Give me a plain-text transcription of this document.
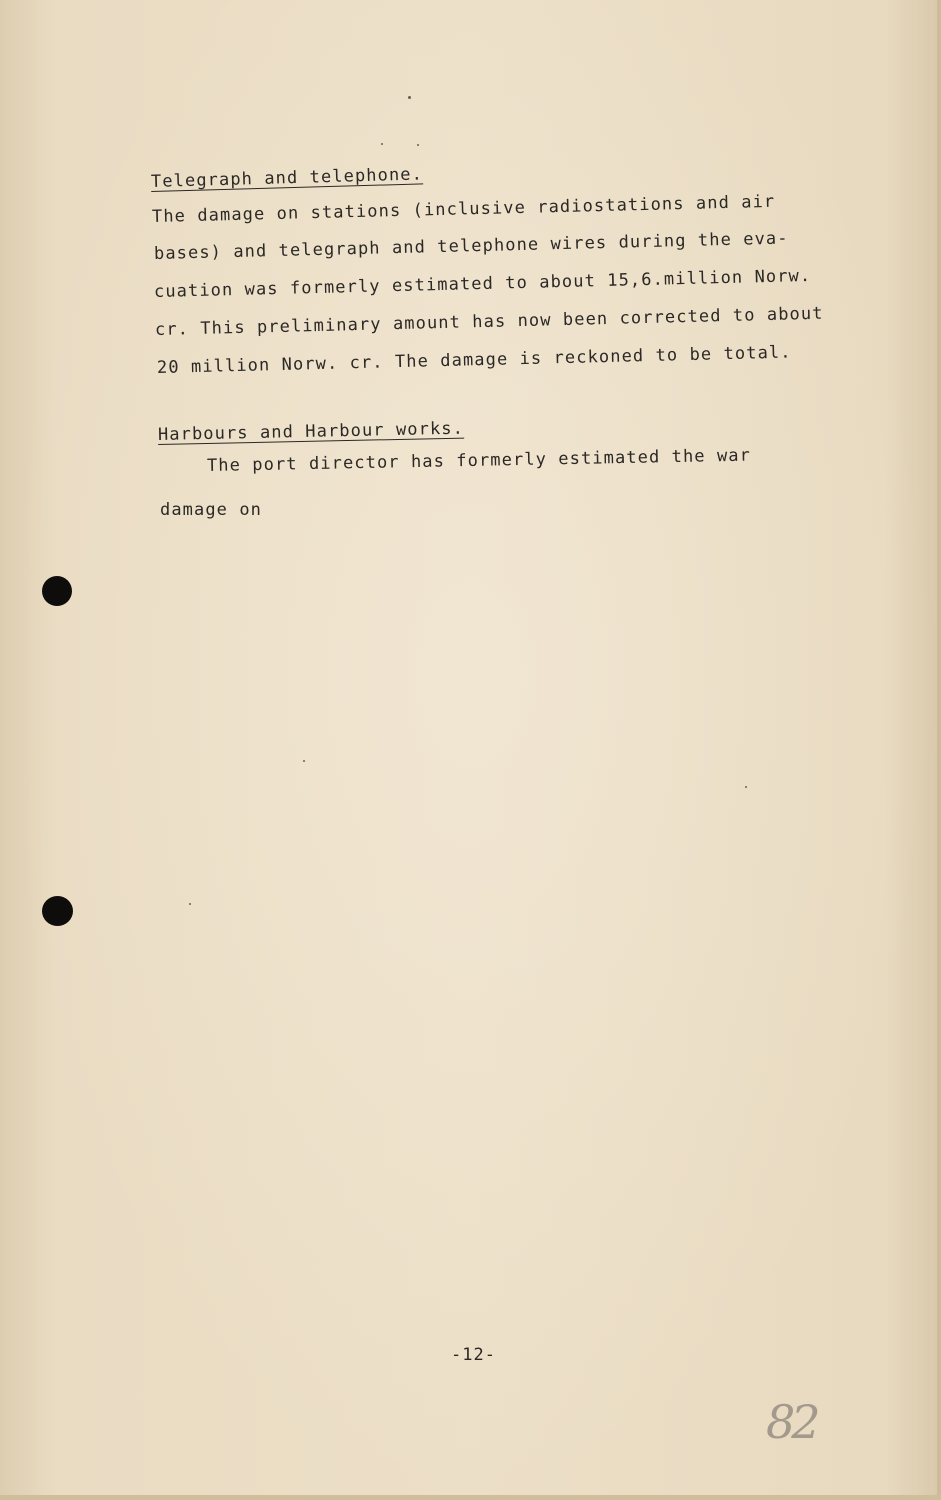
Telegraph and telephone.
The damage on stations (inclusive radiostations and air
bases) and telegraph and telephone wires during the eva-
cuation was formerly estimated to about 15,6.million Norw.
cr. This preliminary amount has now been corrected to about
20 million Norw. cr. The damage is reckoned to be total.
Harbours and Harbour works.
The port director has formerly estimated the war
damage on
-12-
82
